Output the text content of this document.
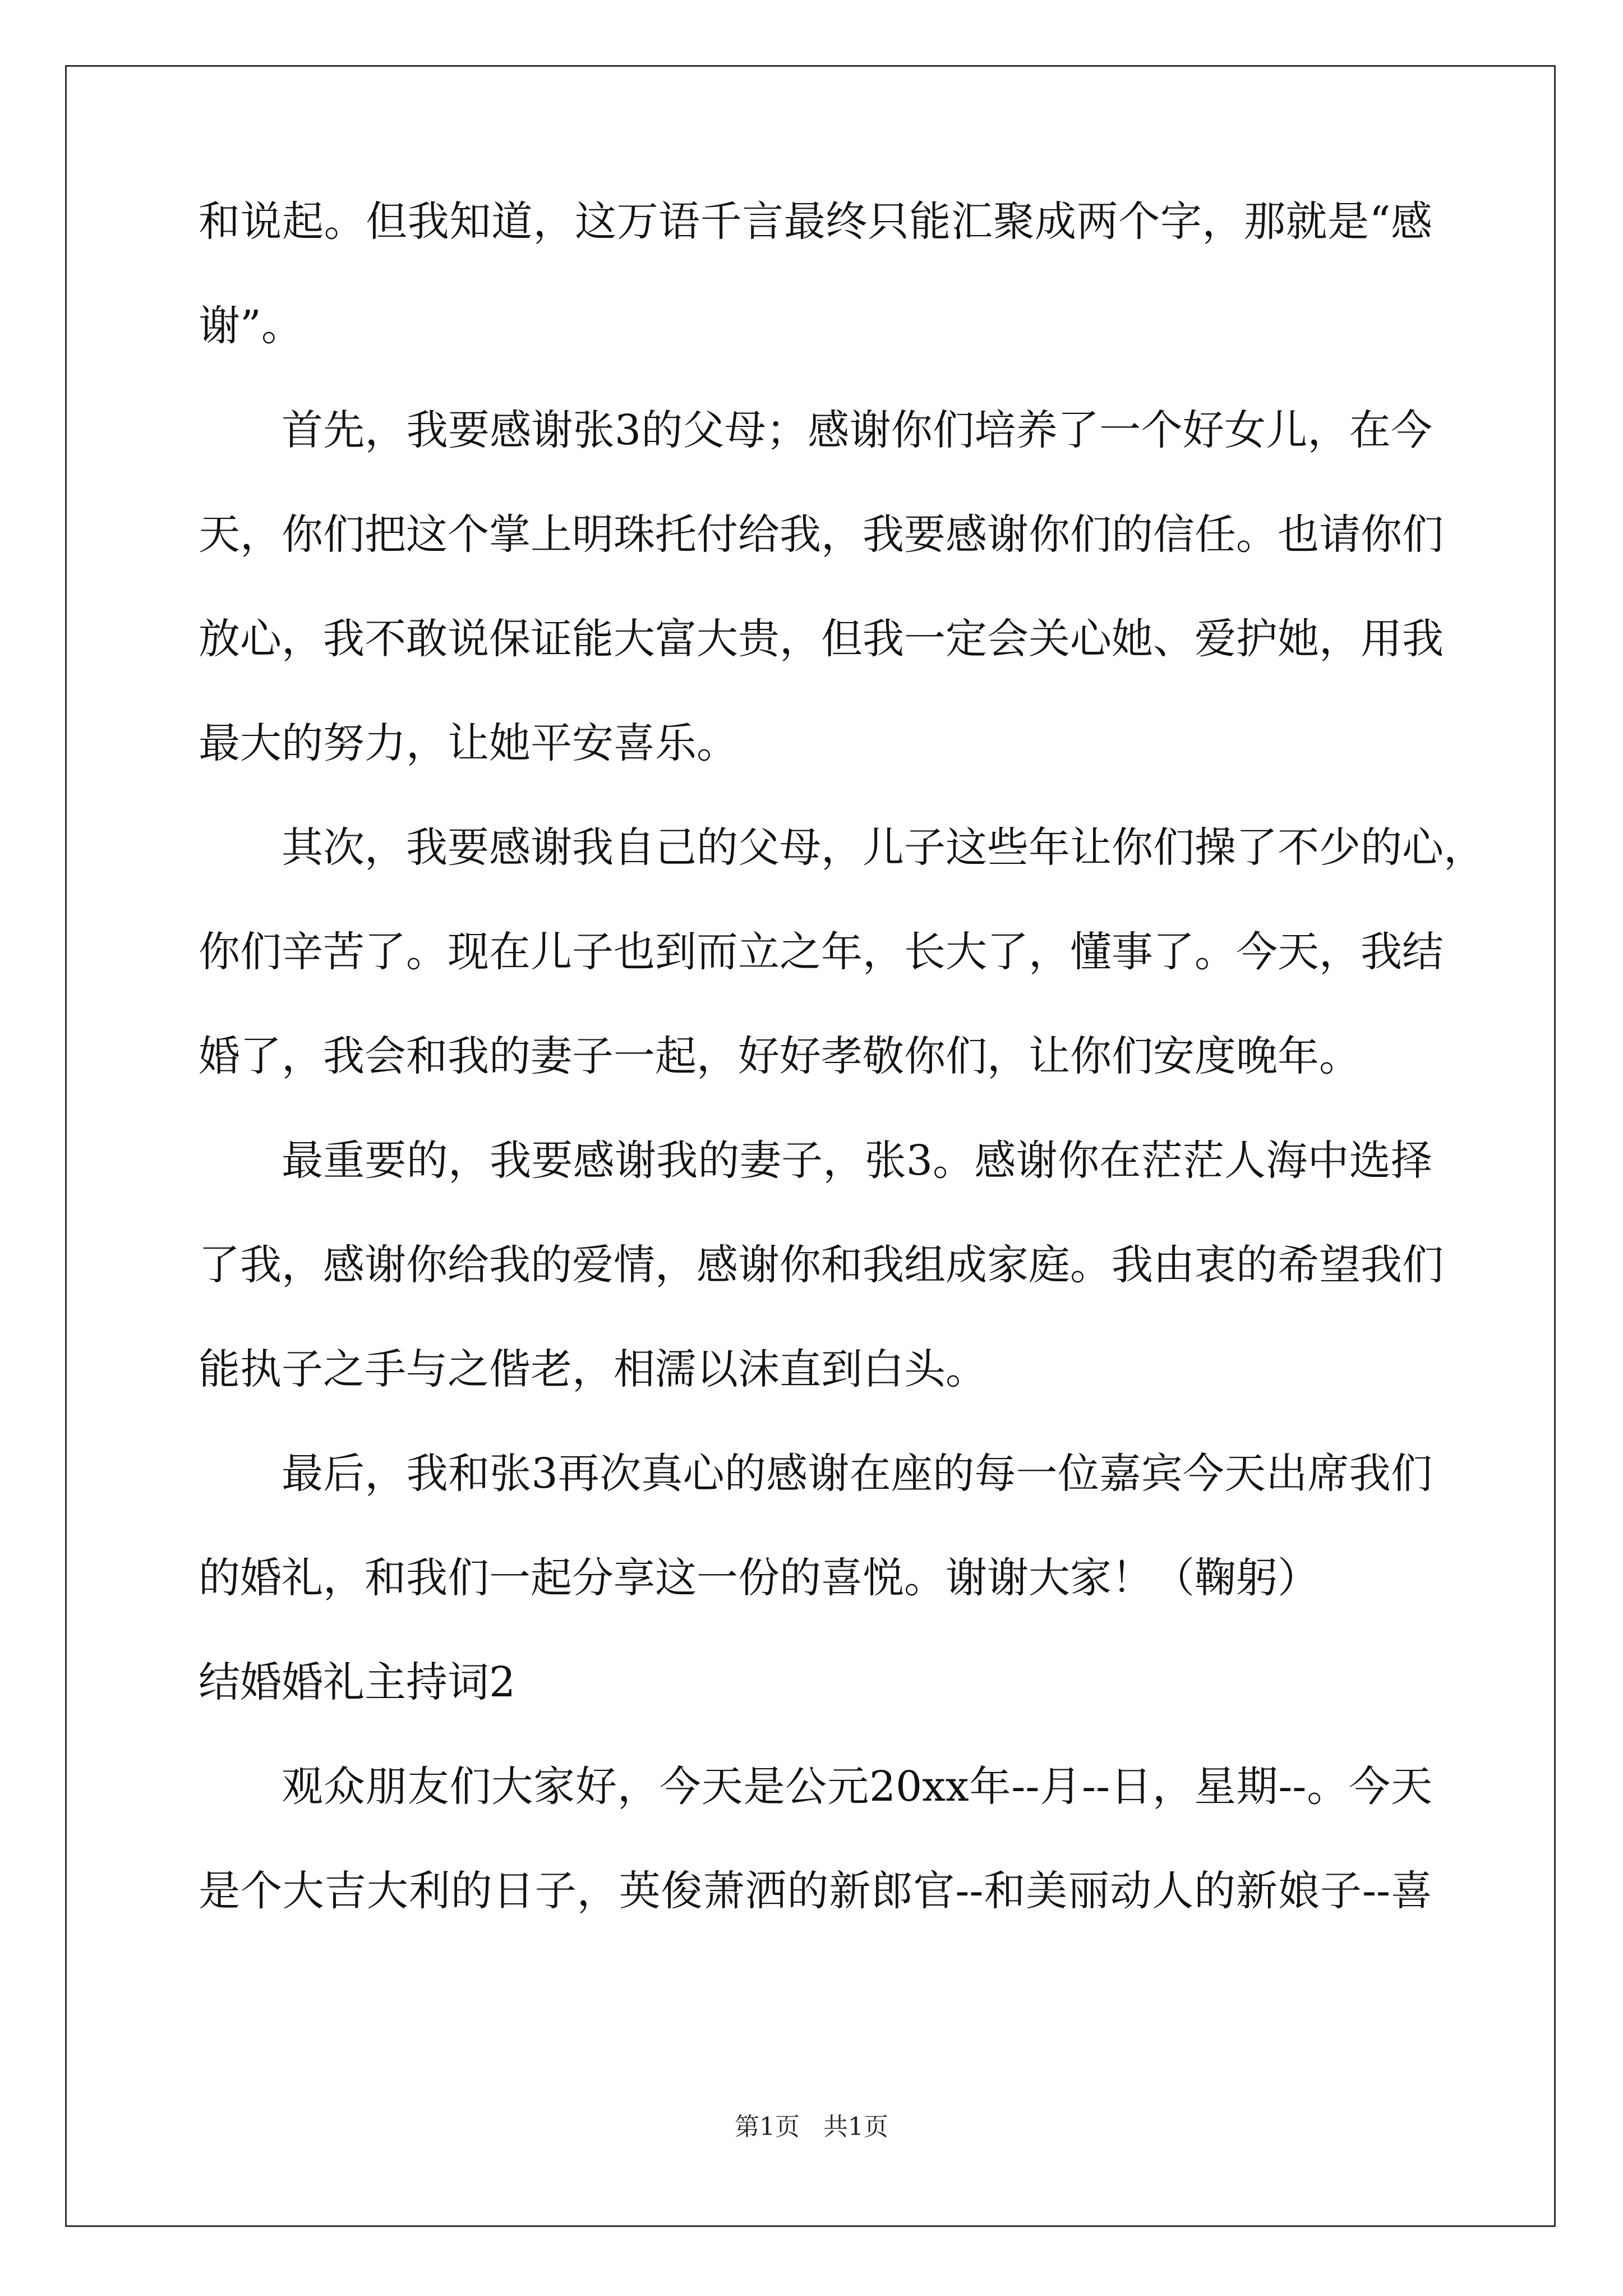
和说起。但我知道，这万语千言最终只能汇聚成两个字，那就是“感
谢”。
首先，我要感谢张3的父母；感谢你们培养了一个好女儿，在今
天，你们把这个掌上明珠托付给我，我要感谢你们的信任。也请你们
放心，我不敢说保证能大富大贵，但我一定会关心她、爱护她，用我
最大的努力，让她平安喜乐。
其次，我要感谢我自己的父母，儿子这些年让你们操了不少的心，
你们辛苦了。现在儿子也到而立之年，长大了，懂事了。今天，我结
婚了，我会和我的妻子一起，好好孝敬你们，让你们安度晚年。
最重要的，我要感谢我的妻子，张3。感谢你在茫茫人海中选择
了我，感谢你给我的爱情，感谢你和我组成家庭。我由衷的希望我们
能执子之手与之偕老，相濡以沫直到白头。
最后，我和张3再次真心的感谢在座的每一位嘉宾今天出席我们
的婚礼，和我们一起分享这一份的喜悦。谢谢大家！（鞠躬）
结婚婚礼主持词2
观众朋友们大家好，今天是公元20xx年--月--日，星期--。今天
是个大吉大利的日子，英俊萧洒的新郎官--和美丽动人的新娘子--喜
第1页 共1页
